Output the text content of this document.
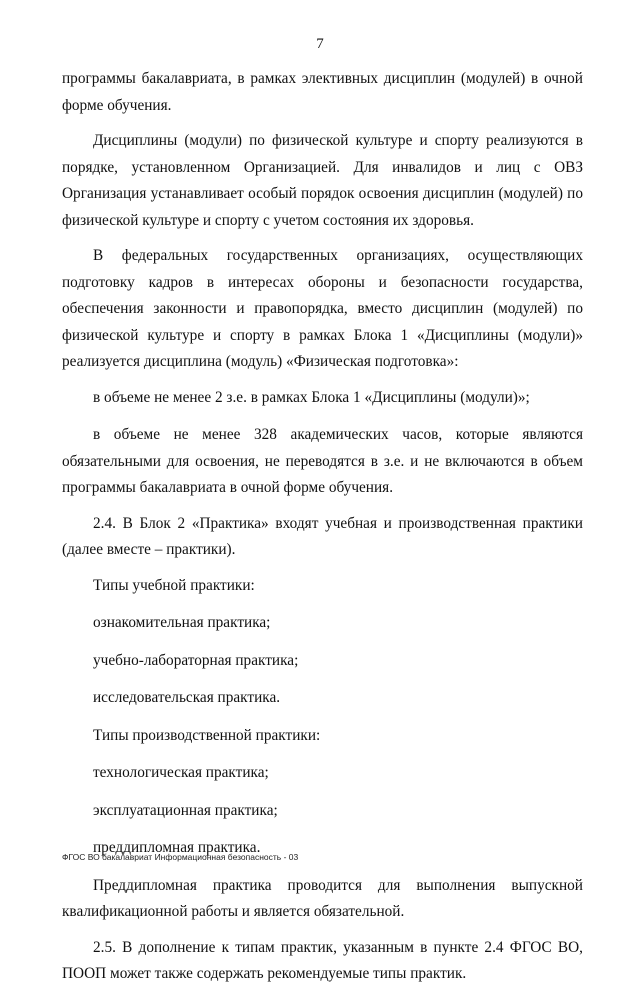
7

программы бакалавриата, в рамках элективных дисциплин (модулей) в очной форме обучения.

Дисциплины (модули) по физической культуре и спорту реализуются в порядке, установленном Организацией. Для инвалидов и лиц с ОВЗ Организация устанавливает особый порядок освоения дисциплин (модулей) по физической культуре и спорту с учетом состояния их здоровья.

В федеральных государственных организациях, осуществляющих подготовку кадров в интересах обороны и безопасности государства, обеспечения законности и правопорядка, вместо дисциплин (модулей) по физической культуре и спорту в рамках Блока 1 «Дисциплины (модули)» реализуется дисциплина (модуль) «Физическая подготовка»:

в объеме не менее 2 з.е. в рамках Блока 1 «Дисциплины (модули)»;

в объеме не менее 328 академических часов, которые являются обязательными для освоения, не переводятся в з.е. и не включаются в объем программы бакалавриата в очной форме обучения.

2.4. В Блок 2 «Практика» входят учебная и производственная практики (далее вместе – практики).

Типы учебной практики:

ознакомительная практика;

учебно-лабораторная практика;

исследовательская практика.

Типы производственной практики:

технологическая практика;

эксплуатационная практика;

преддипломная практика.

Преддипломная практика проводится для выполнения выпускной квалификационной работы и является обязательной.

2.5. В дополнение к типам практик, указанным в пункте 2.4 ФГОС ВО, ПООП может также содержать рекомендуемые типы практик.

ФГОС ВО бакалавриат Информационная безопасность - 03
